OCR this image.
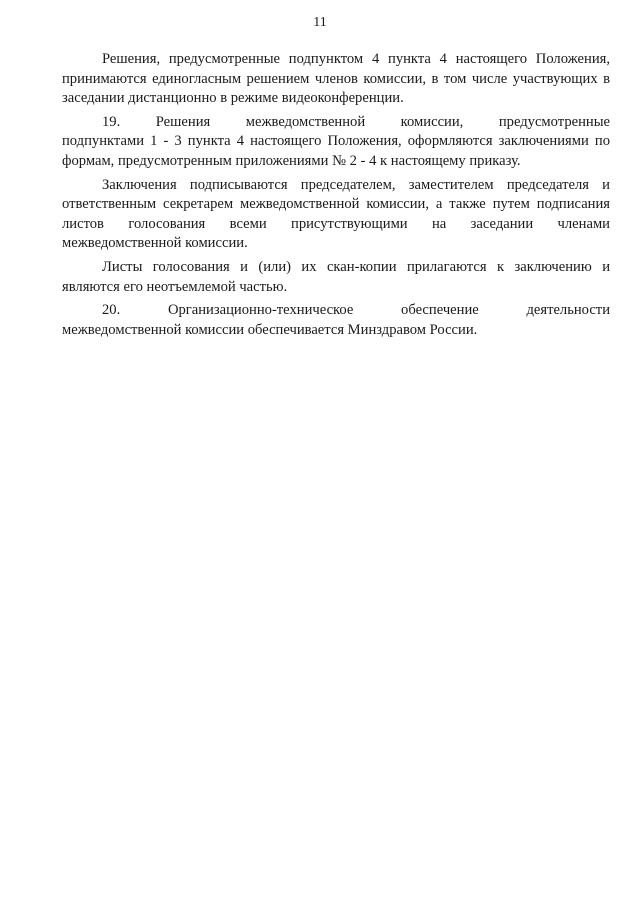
11
Решения, предусмотренные подпунктом 4 пункта 4 настоящего Положения,
принимаются единогласным решением членов комиссии, в том числе участвующих в
заседании дистанционно в режиме видеоконференции.
19. Решения межведомственной комиссии, предусмотренные
подпунктами 1 - 3 пункта 4 настоящего Положения, оформляются заключениями по
формам, предусмотренным приложениями № 2 - 4 к настоящему приказу.
Заключения подписываются председателем, заместителем председателя и
ответственным секретарем межведомственной комиссии, а также путем подписания
листов голосования всеми присутствующими на заседании членами
межведомственной комиссии.
Листы голосования и (или) их скан-копии прилагаются к заключению и
являются его неотъемлемой частью.
20. Организационно-техническое обеспечение деятельности
межведомственной комиссии обеспечивается Минздравом России.
